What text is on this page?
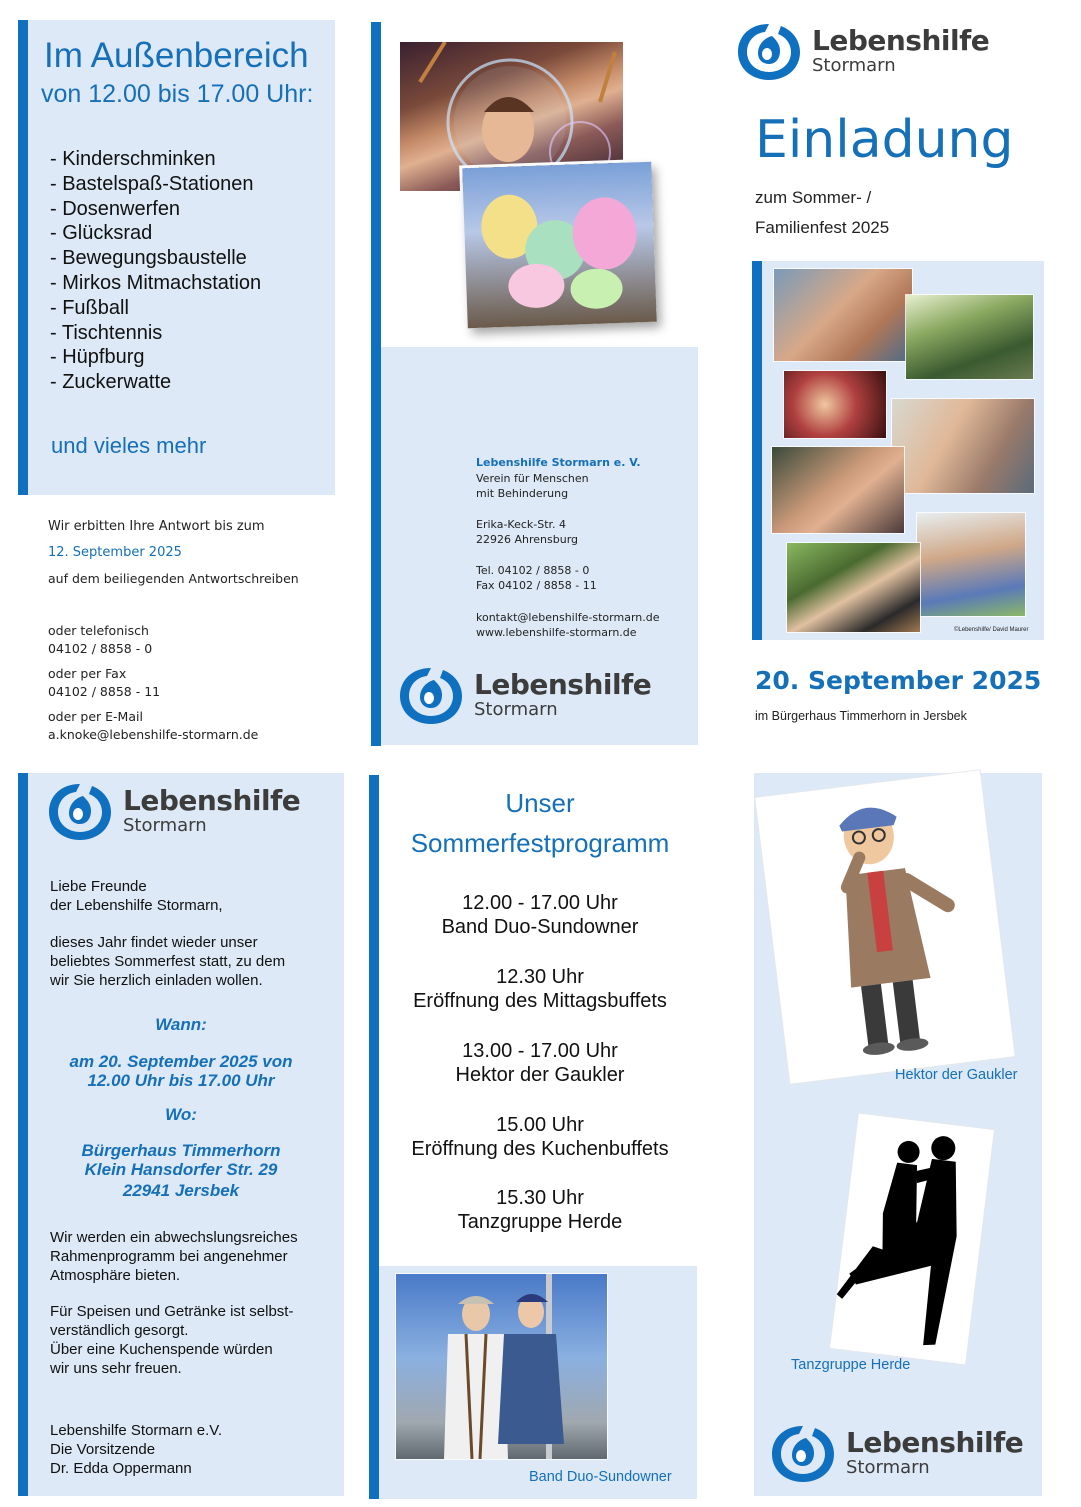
Im Außenbereich
von 12.00 bis 17.00 Uhr:
- Kinderschminken
- Bastelspaß-Stationen
- Dosenwerfen
- Glücksrad
- Bewegungsbaustelle
- Mirkos Mitmachstation
- Fußball
- Tischtennis
- Hüpfburg
- Zuckerwatte
und vieles mehr
Wir erbitten Ihre Antwort bis zum
12. September 2025
auf dem beiliegenden Antwortschreiben
oder telefonisch
04102 / 8858 - 0
oder per Fax
04102 / 8858 - 11
oder per E-Mail
a.knoke@lebenshilfe-stormarn.de
Lebenshilfe Stormarn e. V.
Verein für Menschen
mit Behinderung
Erika-Keck-Str. 4
22926 Ahrensburg
Tel. 04102 / 8858 - 0
Fax 04102 / 8858 - 11
kontakt@lebenshilfe-stormarn.de
www.lebenshilfe-stormarn.de
Lebenshilfe
Stormarn
Lebenshilfe
Stormarn
Einladung
zum Sommer- /
Familienfest 2025
©Lebenshilfe/ David Maurer
20. September 2025
im Bürgerhaus Timmerhorn in Jersbek
Lebenshilfe
Stormarn
Liebe Freunde
der Lebenshilfe Stormarn,
dieses Jahr findet wieder unser
beliebtes Sommerfest statt, zu dem
wir Sie herzlich einladen wollen.
Wann:
am 20. September 2025 von
12.00 Uhr bis 17.00 Uhr
Wo:
Bürgerhaus Timmerhorn
Klein Hansdorfer Str. 29
22941 Jersbek
Wir werden ein abwechslungsreiches
Rahmenprogramm bei angenehmer
Atmosphäre bieten.
Für Speisen und Getränke ist selbst-
verständlich gesorgt.
Über eine Kuchenspende würden
wir uns sehr freuen.
Lebenshilfe Stormarn e.V.
Die Vorsitzende
Dr. Edda Oppermann
Unser
Sommerfestprogramm
12.00 - 17.00 Uhr
Band Duo-Sundowner
12.30 Uhr
Eröffnung des Mittagsbuffets
13.00 - 17.00 Uhr
Hektor der Gaukler
15.00 Uhr
Eröffnung des Kuchenbuffets
15.30 Uhr
Tanzgruppe Herde
Band Duo-Sundowner
Hektor der Gaukler
Tanzgruppe Herde
Lebenshilfe
Stormarn
